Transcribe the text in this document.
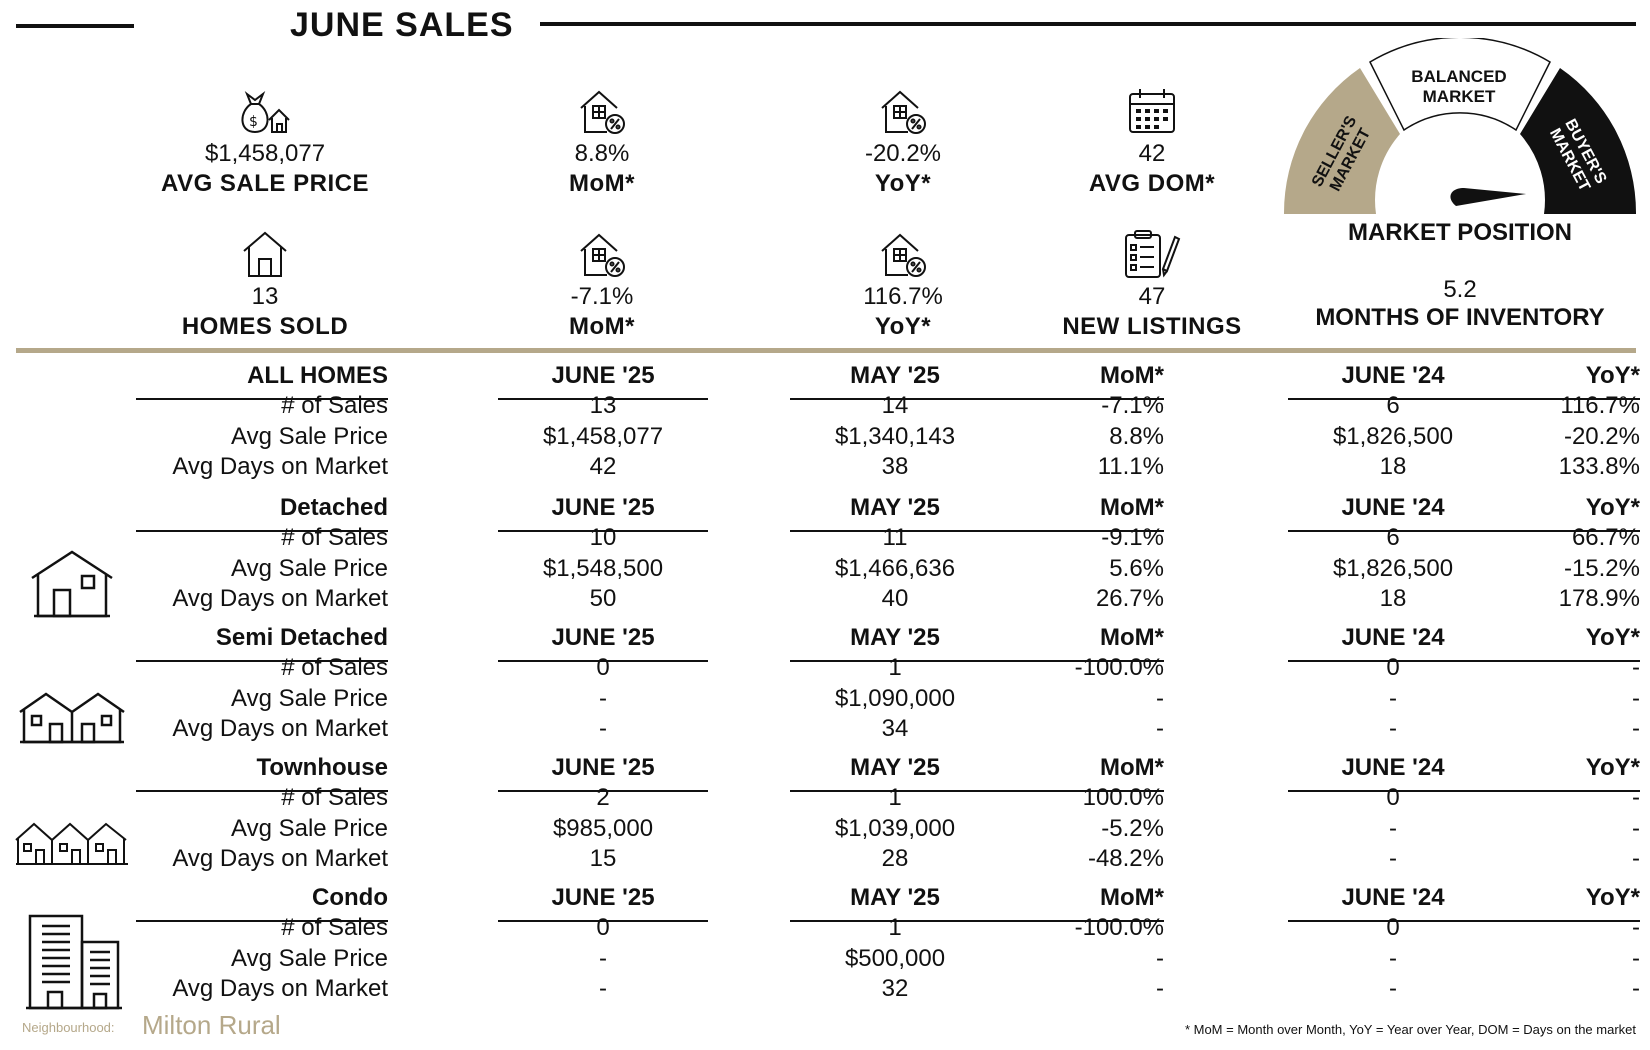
JUNE SALES
$
$1,458,077
AVG SALE PRICE
8.8%
MoM*
-20.2%
YoY*
42
AVG DOM*
13
HOMES SOLD
-7.1%
MoM*
116.7%
YoY*
47
NEW LISTINGS
BALANCED
MARKET
SELLER'S MARKET	BUYER'S MARKET
MARKET POSITION
5.2
MONTHS OF INVENTORY
ALL HOMES	JUNE '25	MAY '25	MoM*	JUNE '24	YoY*
# of Sales	13	14	-7.1%	6	116.7%
Avg Sale Price	$1,458,077	$1,340,143	8.8%	$1,826,500	-20.2%
Avg Days on Market	42	38	11.1%	18	133.8%
Detached	JUNE '25	MAY '25	MoM*	JUNE '24	YoY*
# of Sales	10	11	-9.1%	6	66.7%
Avg Sale Price	$1,548,500	$1,466,636	5.6%	$1,826,500	-15.2%
Avg Days on Market	50	40	26.7%	18	178.9%
Semi Detached	JUNE '25	MAY '25	MoM*	JUNE '24	YoY*
# of Sales	0	1	-100.0%	0	-
Avg Sale Price	-	$1,090,000	-	-	-
Avg Days on Market	-	34	-	-	-
Townhouse	JUNE '25	MAY '25	MoM*	JUNE '24	YoY*
# of Sales	2	1	100.0%	0	-
Avg Sale Price	$985,000	$1,039,000	-5.2%	-	-
Avg Days on Market	15	28	-48.2%	-	-
Condo	JUNE '25	MAY '25	MoM*	JUNE '24	YoY*
# of Sales	0	1	-100.0%	0	-
Avg Sale Price	-	$500,000	-	-	-
Avg Days on Market	-	32	-	-	-
Neighbourhood: Milton Rural	* MoM = Month over Month, YoY = Year over Year, DOM = Days on the market
